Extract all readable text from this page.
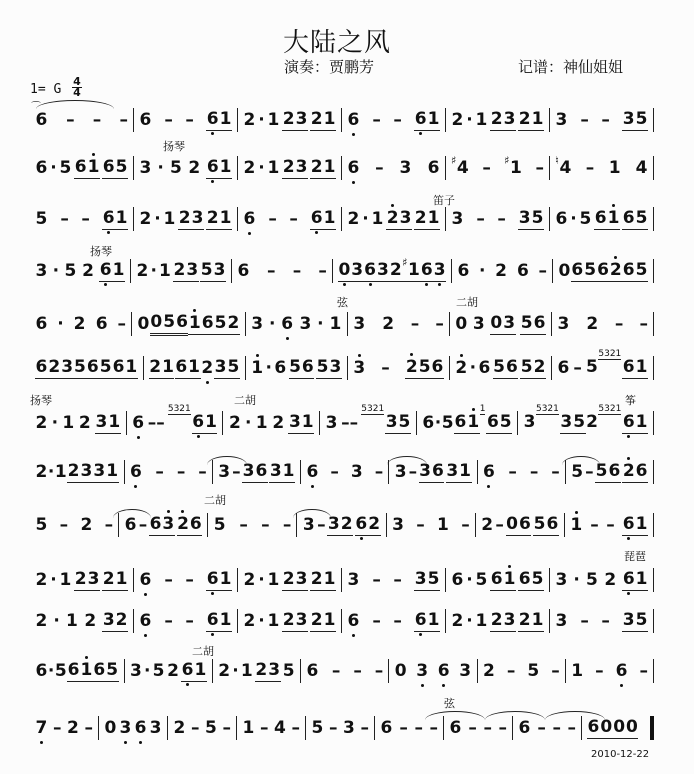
大陆之风
演奏：贾鹏芳	记谱：神仙姐姐
1= G
4
4
⌒
6 – – – 6 – – 6 1 2 · 1 2 3 2 1 6 – – 6 1 2 · 1 2 3 2 1 3 – – 3 5
6 · 5 6 1 6 5 3 · 5 2 6 1 2 · 1 2 3 2 1 6 – 3 6 ♯ 4 – ♯ 1 – ♮ 4 – 1 4
5 – – 6 1 2 · 1 2 3 2 1 6 – – 6 1 2 · 1 2 3 2 1 3 – – 3 5 6 · 5 6 1 6 5
3 · 5 2 6 1 2 · 1 2 3 5 3 6 – – – 0 3 6 3 2 ♯ 1 6 3 6 · 2 6 – 0 6 5 6 2 6 5
6 · 2 6 – 0 0 5 6 1 6 5 2 3 · 6 3 · 1 3 2 – – 0 3 0 3 5 6 3 2 – –
6 2 3 5 6 5 6 1 2 1 6 1 2 3 5 1 · 6 5 6 5 3 3 – 2 5 6 2 · 6 5 6 5 2 6 – 5
5321
6 1
2 · 1 2 3 1 6 ––
5321
6 1 2 · 1 2 3 1 3 ––
5321
3 5 6 · 5 6 1
1
6 5 3
5321
3 5 2
5321
6 1
2 · 1 2 3 3 1 6 – – – 3 – 3 6 3 1 6 – 3 – 3 – 3 6 3 1 6 – – – 5 – 5 6 2 6
5 – 2 – 6 – 6 3 2 6 5 – – – 3 – 3 2 6 2 3 – 1 – 2 – 0 6 5 6 1 – – 6 1
2 · 1 2 3 2 1 6 – – 6 1 2 · 1 2 3 2 1 3 – – 3 5 6 · 5 6 1 6 5 3 · 5 2 6 1
2 · 1 2 3 2 6 – – 6 1 2 · 1 2 3 2 1 6 – – 6 1 2 · 1 2 3 2 1 3 – – 3 5
6 · 5 6 1 6 5 3 · 5 2 6 1 2 · 1 2 3 5 6 – – – 0 3 6 3 2 – 5 – 1 – 6 –
7 – 2 – 0 3 6 3 2 – 5 – 1 – 4 – 5 – 3 – 6 – – – 6 – – – 6 – – – 6 0 0 0
扬琴
笛子
扬琴
弦	二胡
扬琴	二胡	筝
二胡
琵琶
二胡
弦
2010-12-22
